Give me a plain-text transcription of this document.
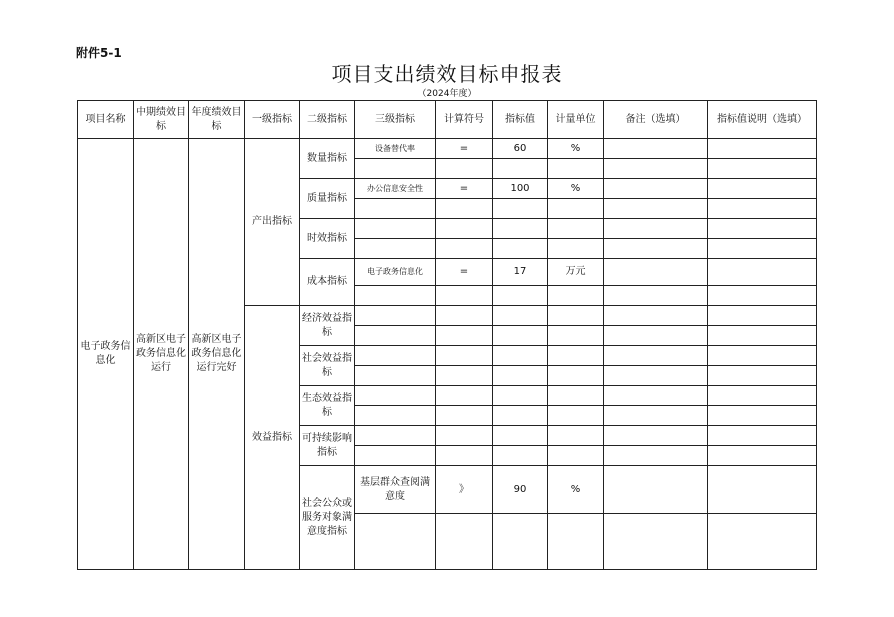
附件5-1
项目支出绩效目标申报表
（2024年度）
项目名称	中期绩效目标	年度绩效目标	一级指标	二级指标	三级指标	计算符号	指标值	计量单位	备注（选填）	指标值说明（选填）
电子政务信息化	高新区电子政务信息化运行	高新区电子政务信息化运行完好	产出指标	数量指标	设备替代率	=	60	%		

				质量指标	办公信息安全性	=	100	%		

				时效指标						

				成本指标	电子政务信息化	=	17	万元		

			效益指标	经济效益指标						

				社会效益指标						

				生态效益指标						

				可持续影响指标						

				社会公众或服务对象满意度指标	基层群众查阅满意度	》	90	%		
